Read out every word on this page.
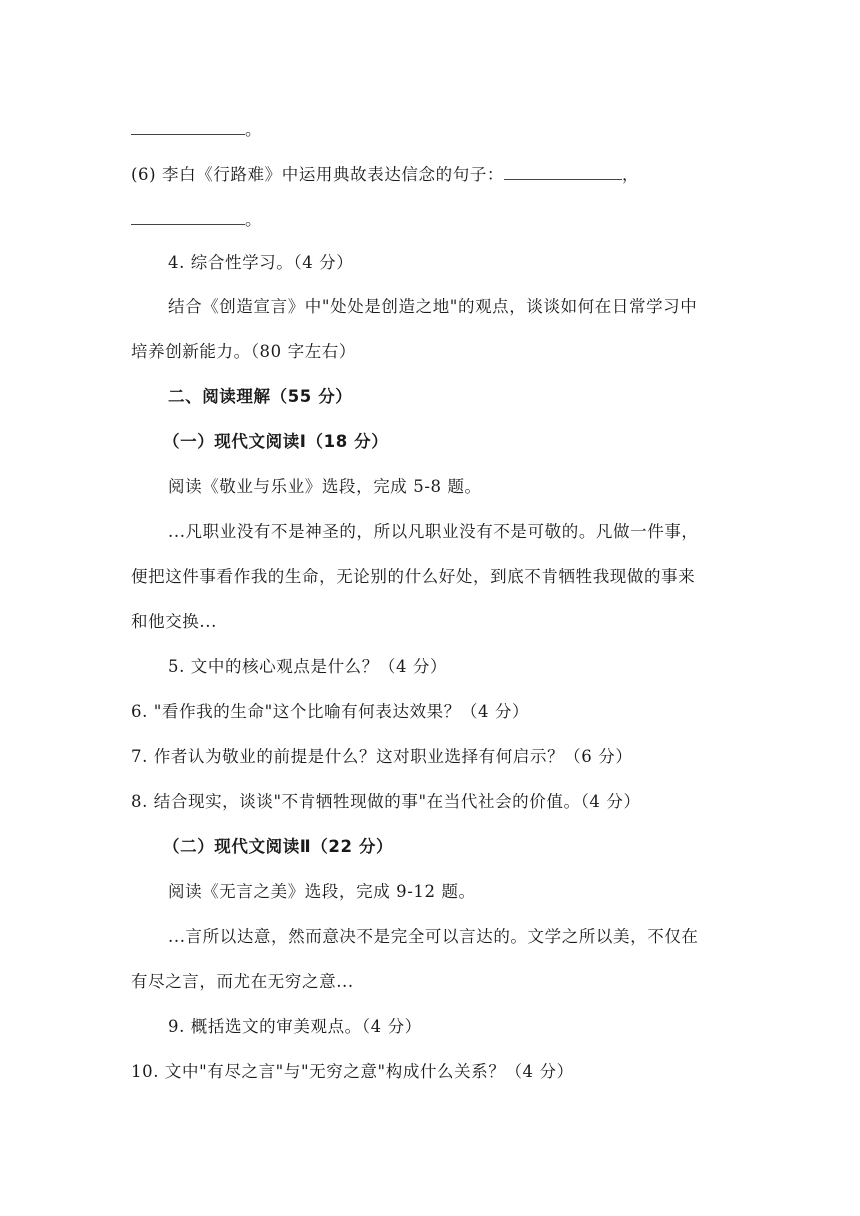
。
(6) 李白《行路难》中运用典故表达信念的句子：	，
。
4. 综合性学习。（4 分）
结合《创造宣言》中"处处是创造之地"的观点，谈谈如何在日常学习中
培养创新能力。（80 字左右）
二、阅读理解（55 分）
（一）现代文阅读Ⅰ（18 分）
阅读《敬业与乐业》选段，完成 5-8 题。
...凡职业没有不是神圣的，所以凡职业没有不是可敬的。凡做一件事，
便把这件事看作我的生命，无论别的什么好处，到底不肯牺牲我现做的事来
和他交换...
5. 文中的核心观点是什么？（4 分）
6. "看作我的生命"这个比喻有何表达效果？（4 分）
7. 作者认为敬业的前提是什么？这对职业选择有何启示？（6 分）
8. 结合现实，谈谈"不肯牺牲现做的事"在当代社会的价值。（4 分）
（二）现代文阅读Ⅱ（22 分）
阅读《无言之美》选段，完成 9-12 题。
...言所以达意，然而意决不是完全可以言达的。文学之所以美，不仅在
有尽之言，而尤在无穷之意...
9. 概括选文的审美观点。（4 分）
10. 文中"有尽之言"与"无穷之意"构成什么关系？（4 分）
